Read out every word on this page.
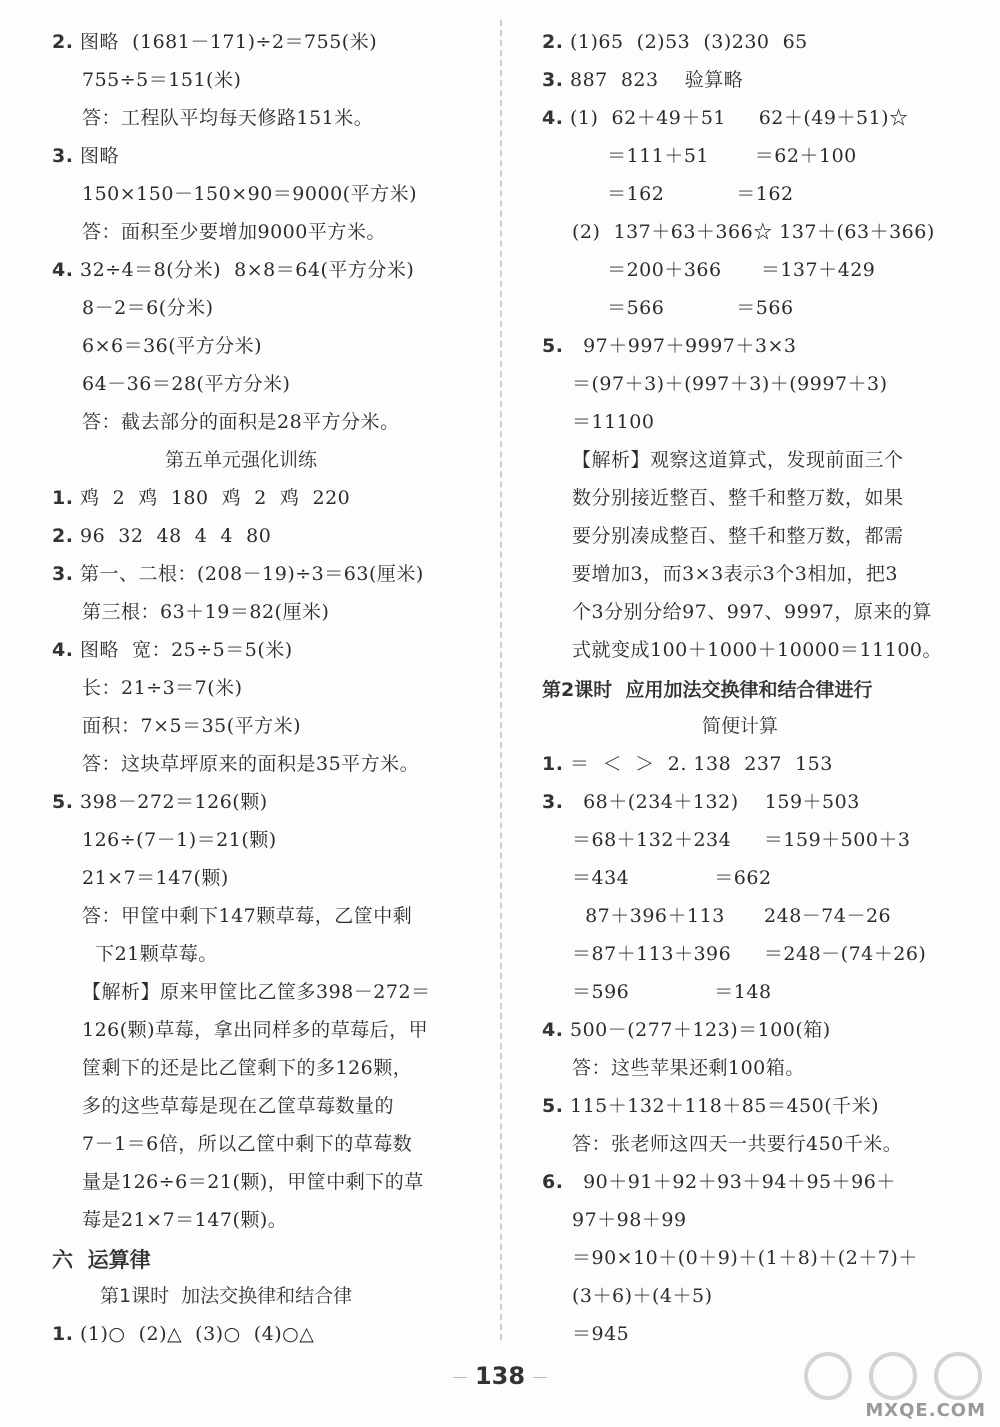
2. 图略  (1681－171)÷2＝755(米)
755÷5＝151(米)
答：工程队平均每天修路151米。
3. 图略
150×150－150×90＝9000(平方米)
答：面积至少要增加9000平方米。
4. 32÷4＝8(分米)  8×8＝64(平方分米)
8－2＝6(分米)
6×6＝36(平方分米)
64－36＝28(平方分米)
答：截去部分的面积是28平方分米。
第五单元强化训练
1. 鸡  2  鸡  180  鸡  2  鸡  220
2. 96  32  48  4  4  80
3. 第一、二根：(208－19)÷3＝63(厘米)
第三根：63＋19＝82(厘米)
4. 图略  宽：25÷5＝5(米)
长：21÷3＝7(米)
面积：7×5＝35(平方米)
答：这块草坪原来的面积是35平方米。
5. 398－272＝126(颗)
126÷(7－1)＝21(颗)
21×7＝147(颗)
答：甲筐中剩下147颗草莓，乙筐中剩
下21颗草莓。
【解析】原来甲筐比乙筐多398－272＝
126(颗)草莓，拿出同样多的草莓后，甲
筐剩下的还是比乙筐剩下的多126颗，
多的这些草莓是现在乙筐草莓数量的
7－1＝6倍，所以乙筐中剩下的草莓数
量是126÷6＝21(颗)，甲筐中剩下的草
莓是21×7＝147(颗)。
六  运算律
第1课时  加法交换律和结合律
1. (1)○  (2)△  (3)○  (4)○△
2. (1)65  (2)53  (3)230  65
3. 887  823    验算略
4. (1)  62＋49＋51     62＋(49＋51)☆
＝111＋51       ＝62＋100
＝162           ＝162
(2)  137＋63＋366☆ 137＋(63＋366)
＝200＋366      ＝137＋429
＝566           ＝566
5.   97＋997＋9997＋3×3
＝(97＋3)＋(997＋3)＋(9997＋3)
＝11100
【解析】观察这道算式，发现前面三个
数分别接近整百、整千和整万数，如果
要分别凑成整百、整千和整万数，都需
要增加3，而3×3表示3个3相加，把3
个3分别分给97、997、9997，原来的算
式就变成100＋1000＋10000＝11100。
第2课时  应用加法交换律和结合律进行
简便计算
1. ＝  ＜  ＞  2. 138  237  153
3.   68＋(234＋132)    159＋503
＝68＋132＋234     ＝159＋500＋3
＝434             ＝662
87＋396＋113      248－74－26
＝87＋113＋396     ＝248－(74＋26)
＝596             ＝148
4. 500－(277＋123)＝100(箱)
答：这些苹果还剩100箱。
5. 115＋132＋118＋85＝450(千米)
答：张老师这四天一共要行450千米。
6.   90＋91＋92＋93＋94＋95＋96＋
97＋98＋99
＝90×10＋(0＋9)＋(1＋8)＋(2＋7)＋
(3＋6)＋(4＋5)
＝945
138
MXQE.COM
